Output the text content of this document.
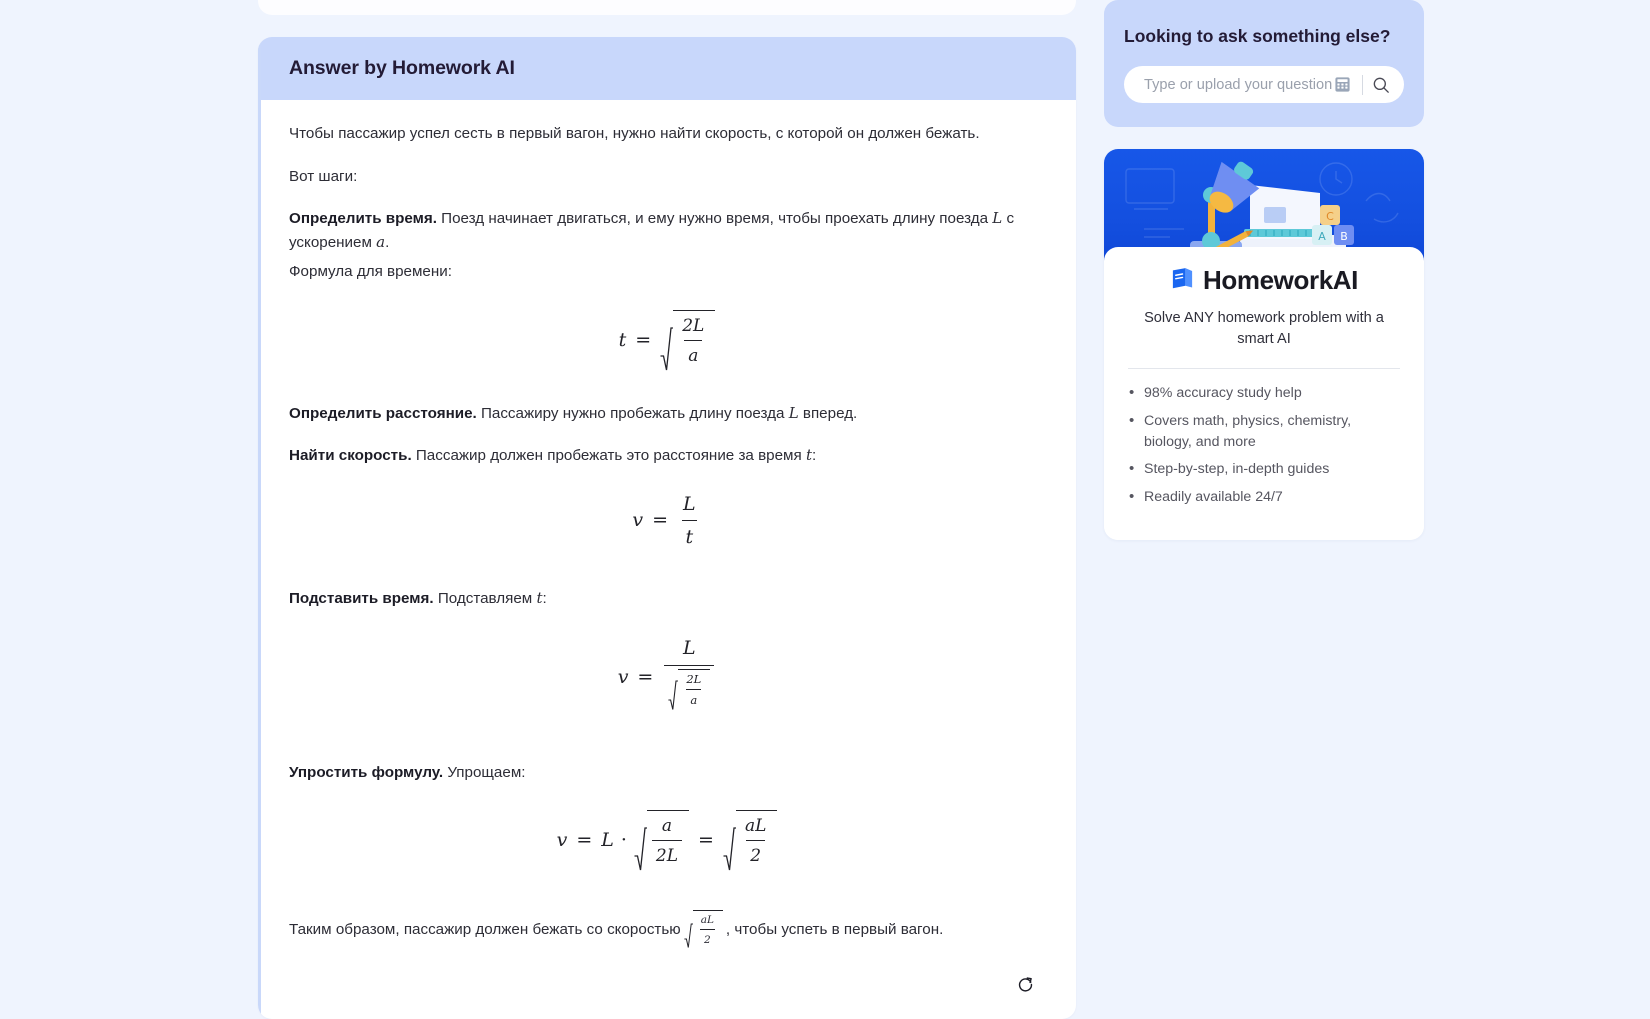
Answer by Homework AI

Чтобы пассажир успел сесть в первый вагон, нужно найти скорость, с которой он должен бежать.

Вот шаги:

Определить время. Поезд начинает двигаться, и ему нужно время, чтобы проехать длину поезда L с ускорением a.

Формула для времени:

$t = \frac{2L}{a}$

Определить расстояние. Пассажиру нужно пробежать длину поезда L вперед.

Найти скорость. Пассажир должен пробежать это расстояние за время t:

$v = \frac{L}{t}$

Подставить время. Подставляем t:

$v = \frac{L}{\frac{2L}{a}}$

Упростить формулу. Упрощаем:

$v = L \cdot \frac{a}{2L} = \frac{aL}{2}$

Таким образом, пассажир должен бежать со скоростью $\frac{aL}{2}$ , чтобы успеть в первый вагон.

Looking to ask something else?
Type or upload your question
C
A B
HomeworkAI
Solve ANY homework problem with a smart AI
• 98% accuracy study help
• Covers math, physics, chemistry, biology, and more
• Step-by-step, in-depth guides
• Readily available 24/7
